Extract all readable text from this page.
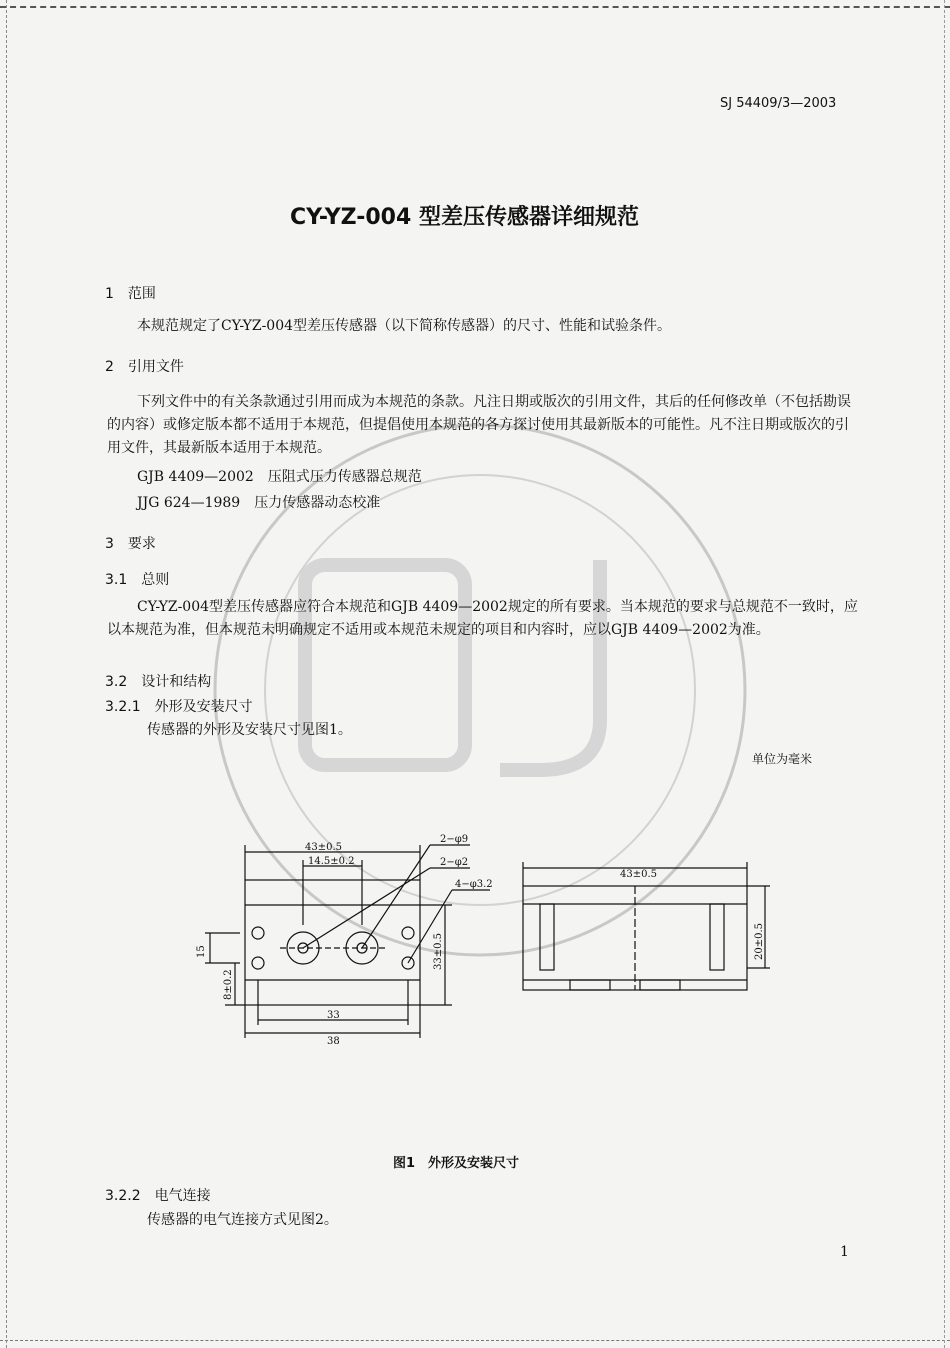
SJ 54409/3—2003
CY-YZ-004 型差压传感器详细规范
1　范围
本规范规定了CY-YZ-004型差压传感器（以下简称传感器）的尺寸、性能和试验条件。
2　引用文件
下列文件中的有关条款通过引用而成为本规范的条款。凡注日期或版次的引用文件，其后的任何修改单（不包括勘误的内容）或修定版本都不适用于本规范，但提倡使用本规范的各方探讨使用其最新版本的可能性。凡不注日期或版次的引用文件，其最新版本适用于本规范。
GJB 4409—2002　压阻式压力传感器总规范
JJG 624—1989　压力传感器动态校准
3　要求
3.1　总则
CY-YZ-004型差压传感器应符合本规范和GJB 4409—2002规定的所有要求。当本规范的要求与总规范不一致时，应以本规范为准，但本规范未明确规定不适用或本规范未规定的项目和内容时，应以GJB 4409—2002为准。
3.2　设计和结构
3.2.1　外形及安装尺寸
传感器的外形及安装尺寸见图1。
单位为毫米
43±0.5
14.5±0.2
2−φ9
2−φ2
4−φ3.2
15
8±0.2
33±0.5
33
38
43±0.5
20±0.5
图1　外形及安装尺寸
3.2.2　电气连接
传感器的电气连接方式见图2。
1
